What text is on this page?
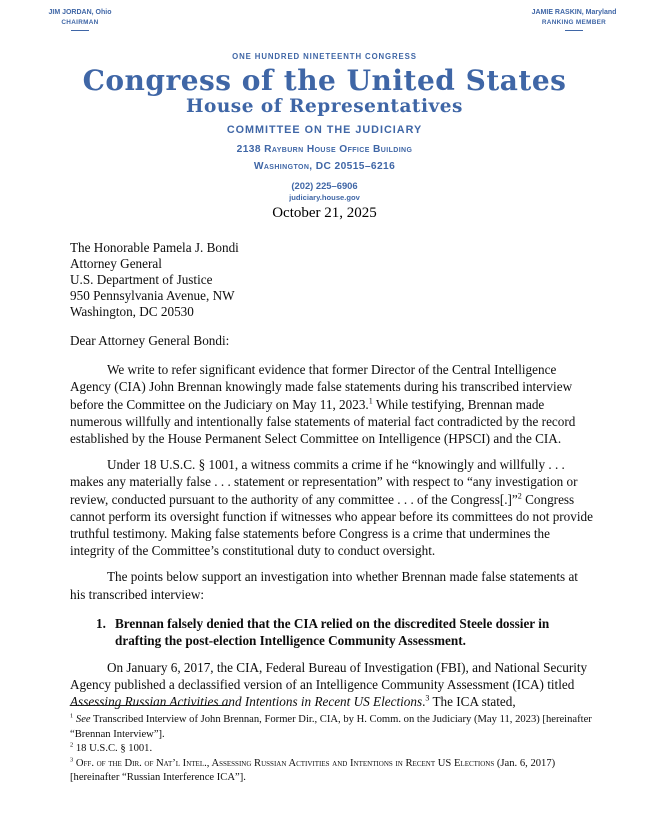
JIM JORDAN, Ohio
CHAIRMAN
JAMIE RASKIN, Maryland
RANKING MEMBER
ONE HUNDRED NINETEENTH CONGRESS
Congress of the United States
House of Representatives
COMMITTEE ON THE JUDICIARY
2138 Rayburn House Office Building
Washington, DC 20515–6216
(202) 225–6906
judiciary.house.gov
October 21, 2025
The Honorable Pamela J. Bondi
Attorney General
U.S. Department of Justice
950 Pennsylvania Avenue, NW
Washington, DC 20530
Dear Attorney General Bondi:

We write to refer significant evidence that former Director of the Central Intelligence Agency (CIA) John Brennan knowingly made false statements during his transcribed interview before the Committee on the Judiciary on May 11, 2023.$^1$ While testifying, Brennan made numerous willfully and intentionally false statements of material fact contradicted by the record established by the House Permanent Select Committee on Intelligence (HPSCI) and the CIA.

Under 18 U.S.C. § 1001, a witness commits a crime if he “knowingly and willfully . . . makes any materially false . . . statement or representation” with respect to “any investigation or review, conducted pursuant to the authority of any committee . . . of the Congress[.]”$^2$ Congress cannot perform its oversight function if witnesses who appear before its committees do not provide truthful testimony. Making false statements before Congress is a crime that undermines the integrity of the Committee’s constitutional duty to conduct oversight.

The points below support an investigation into whether Brennan made false statements at his transcribed interview:

1. Brennan falsely denied that the CIA relied on the discredited Steele dossier in drafting the post-election Intelligence Community Assessment.

On January 6, 2017, the CIA, Federal Bureau of Investigation (FBI), and National Security Agency published a declassified version of an Intelligence Community Assessment (ICA) titled Assessing Russian Activities and Intentions in Recent US Elections.$^3$ The ICA stated,

$^1$ See Transcribed Interview of John Brennan, Former Dir., CIA, by H. Comm. on the Judiciary (May 11, 2023) [hereinafter “Brennan Interview”].
$^2$ 18 U.S.C. § 1001.
$^3$ Off. of the Dir. of Nat’l Intel., Assessing Russian Activities and Intentions in Recent US Elections (Jan. 6, 2017) [hereinafter “Russian Interference ICA”].
